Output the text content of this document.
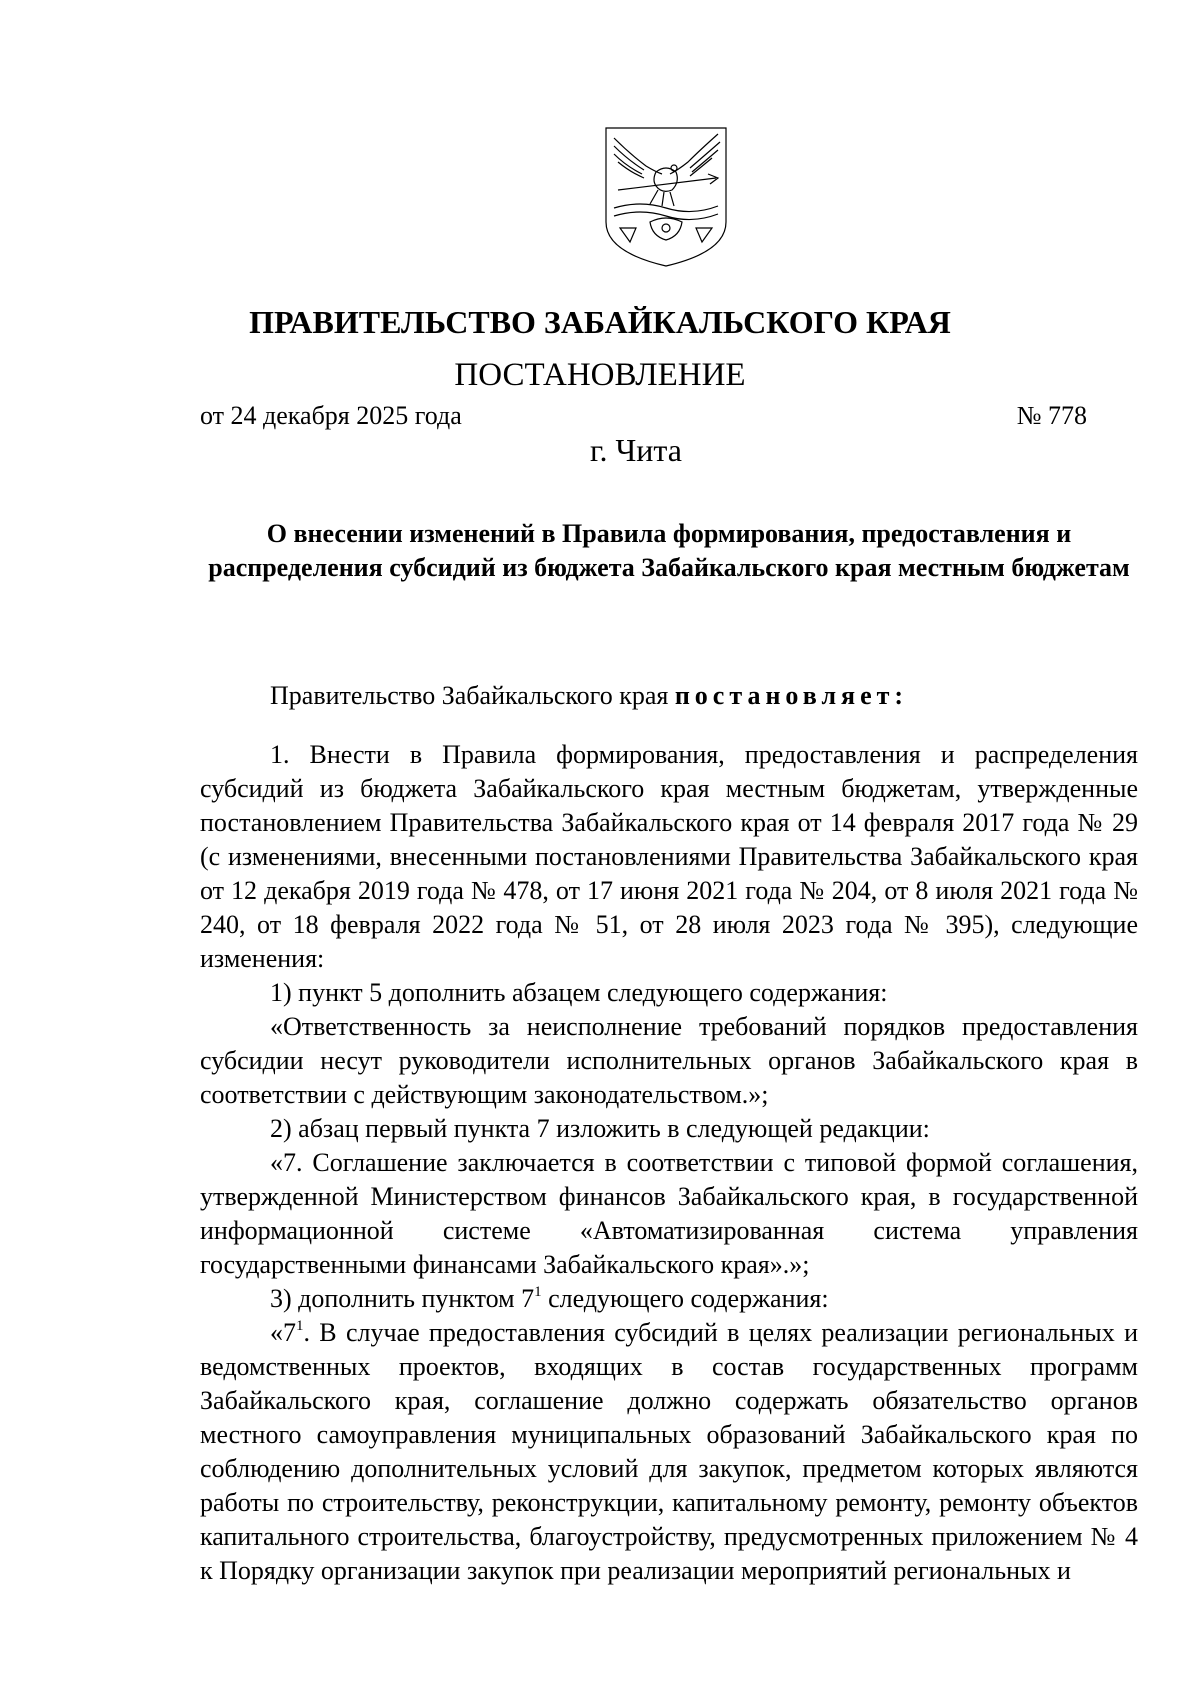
ПРАВИТЕЛЬСТВО ЗАБАЙКАЛЬСКОГО КРАЯ
ПОСТАНОВЛЕНИЕ
от 24 декабря 2025 года	№ 778
г. Чита
О внесении изменений в Правила формирования, предоставления и распределения субсидий из бюджета Забайкальского края местным бюджетам

Правительство Забайкальского края постановляет:

1. Внести в Правила формирования, предоставления и распределения субсидий из бюджета Забайкальского края местным бюджетам, утвержденные постановлением Правительства Забайкальского края от 14 февраля 2017 года № 29 (с изменениями, внесенными постановлениями Правительства Забайкальского края от 12 декабря 2019 года № 478, от 17 июня 2021 года № 204, от 8 июля 2021 года № 240, от 18 февраля 2022 года № 51, от 28 июля 2023 года № 395), следующие изменения:

1) пункт 5 дополнить абзацем следующего содержания:

«Ответственность за неисполнение требований порядков предоставления субсидии несут руководители исполнительных органов Забайкальского края в соответствии с действующим законодательством.»;

2) абзац первый пункта 7 изложить в следующей редакции:

«7. Соглашение заключается в соответствии с типовой формой соглашения, утвержденной Министерством финансов Забайкальского края, в государственной информационной системе «Автоматизированная система управления государственными финансами Забайкальского края».»;

3) дополнить пунктом $7^1$ следующего содержания:

«$7^1$. В случае предоставления субсидий в целях реализации региональных и ведомственных проектов, входящих в состав государственных программ Забайкальского края, соглашение должно содержать обязательство органов местного самоуправления муниципальных образований Забайкальского края по соблюдению дополнительных условий для закупок, предметом которых являются работы по строительству, реконструкции, капитальному ремонту, ремонту объектов капитального строительства, благоустройству, предусмотренных приложением № 4 к Порядку организации закупок при реализации мероприятий региональных и
